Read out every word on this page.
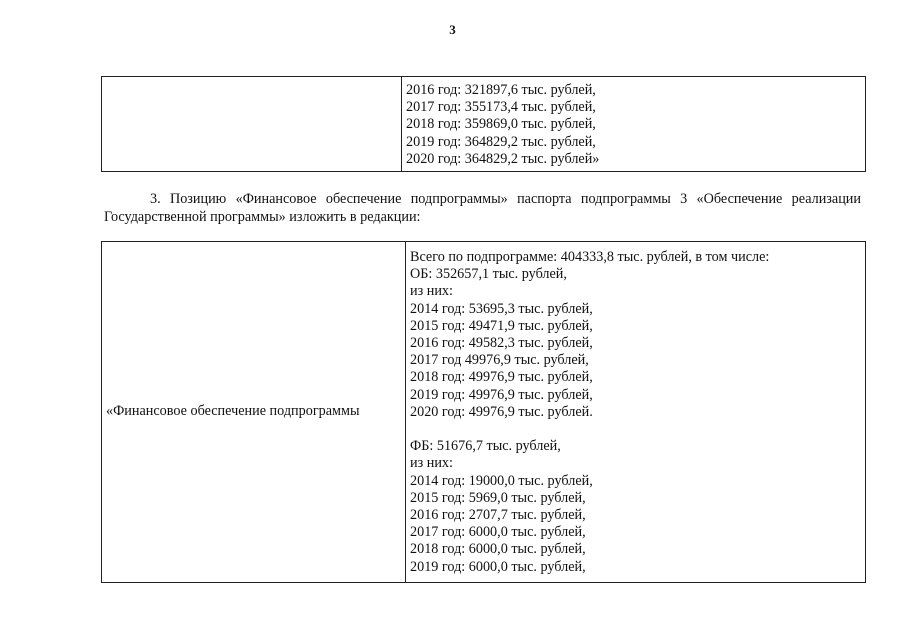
3

2016 год: 321897,6 тыс. рублей,
2017 год: 355173,4 тыс. рублей,
2018 год: 359869,0 тыс. рублей,
2019 год: 364829,2 тыс. рублей,
2020 год: 364829,2 тыс. рублей»
3. Позицию «Финансовое обеспечение подпрограммы» паспорта подпрограммы 3 «Обеспечение реализации Государственной программы» изложить в редакции:
«Финансовое обеспечение подпрограммы	
Всего по подпрограмме: 404333,8 тыс. рублей, в том числе:
ОБ: 352657,1 тыс. рублей,
из них:
2014 год: 53695,3 тыс. рублей,
2015 год: 49471,9 тыс. рублей,
2016 год: 49582,3 тыс. рублей,
2017 год 49976,9 тыс. рублей,
2018 год: 49976,9 тыс. рублей,
2019 год: 49976,9 тыс. рублей,
2020 год: 49976,9 тыс. рублей.
ФБ: 51676,7 тыс. рублей,
из них:
2014 год: 19000,0 тыс. рублей,
2015 год: 5969,0 тыс. рублей,
2016 год: 2707,7 тыс. рублей,
2017 год: 6000,0 тыс. рублей,
2018 год: 6000,0 тыс. рублей,
2019 год: 6000,0 тыс. рублей,
